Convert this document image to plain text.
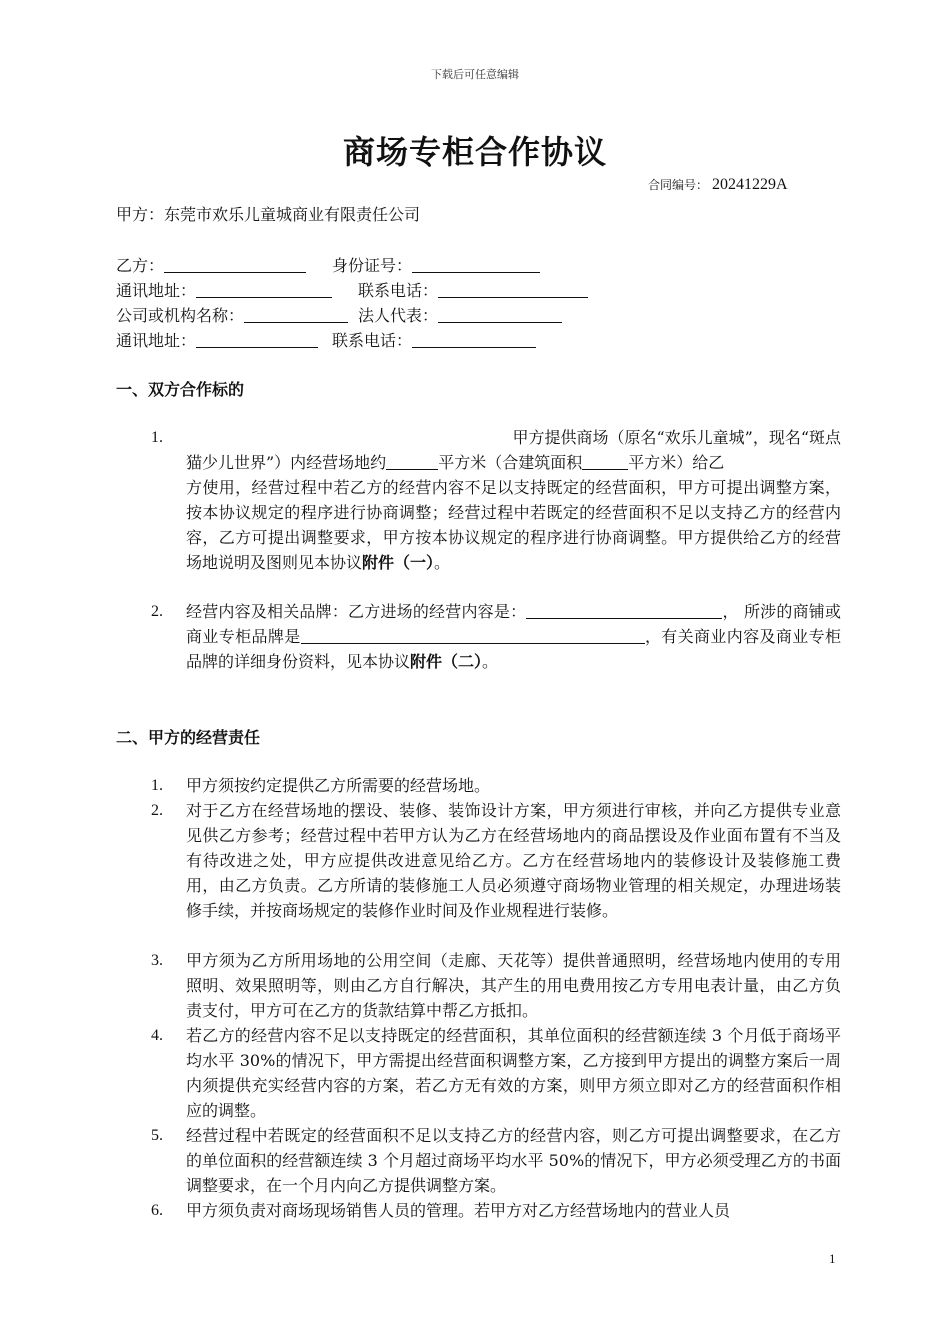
下载后可任意编辑
商场专柜合作协议
合同编号： 20241229A
甲方：东莞市欢乐儿童城商业有限责任公司
乙方：	身份证号：
通讯地址：	联系电话：
公司或机构名称：	法人代表：
通讯地址：	联系电话：
一、双方合作标的
1.	甲方提供商场（原名“欢乐儿童城”，现名“斑点
猫少儿世界”）内经营场地约	平方米（合建筑面积	平方米）给乙
方使用，经营过程中若乙方的经营内容不足以支持既定的经营面积，甲方可提出调整方案，按本协议规定的程序进行协商调整；经营过程中若既定的经营面积不足以支持乙方的经营内容，乙方可提出调整要求，甲方按本协议规定的程序进行协商调整。甲方提供给乙方的经营场地说明及图则见本协议附件（一）。
2.	经营内容及相关品牌：乙方进场的经营内容是：	， 所涉的商铺或商业专柜品牌是	，有关商业内容及商业专柜品牌的详细身份资料，见本协议附件（二）。
二、甲方的经营责任
1.	甲方须按约定提供乙方所需要的经营场地。
2.	对于乙方在经营场地的摆设、装修、装饰设计方案，甲方须进行审核，并向乙方提供专业意见供乙方参考；经营过程中若甲方认为乙方在经营场地内的商品摆设及作业面布置有不当及有待改进之处，甲方应提供改进意见给乙方。乙方在经营场地内的装修设计及装修施工费用，由乙方负责。乙方所请的装修施工人员必须遵守商场物业管理的相关规定，办理进场装修手续，并按商场规定的装修作业时间及作业规程进行装修。
3.	甲方须为乙方所用场地的公用空间（走廊、天花等）提供普通照明，经营场地内使用的专用照明、效果照明等，则由乙方自行解决，其产生的用电费用按乙方专用电表计量，由乙方负责支付，甲方可在乙方的货款结算中帮乙方抵扣。
4.	若乙方的经营内容不足以支持既定的经营面积，其单位面积的经营额连续 3 个月低于商场平均水平 30%的情况下，甲方需提出经营面积调整方案，乙方接到甲方提出的调整方案后一周内须提供充实经营内容的方案，若乙方无有效的方案，则甲方须立即对乙方的经营面积作相应的调整。
5.	经营过程中若既定的经营面积不足以支持乙方的经营内容，则乙方可提出调整要求，在乙方的单位面积的经营额连续 3 个月超过商场平均水平 50%的情况下，甲方必须受理乙方的书面调整要求，在一个月内向乙方提供调整方案。
6.	甲方须负责对商场现场销售人员的管理。若甲方对乙方经营场地内的营业人员
1
